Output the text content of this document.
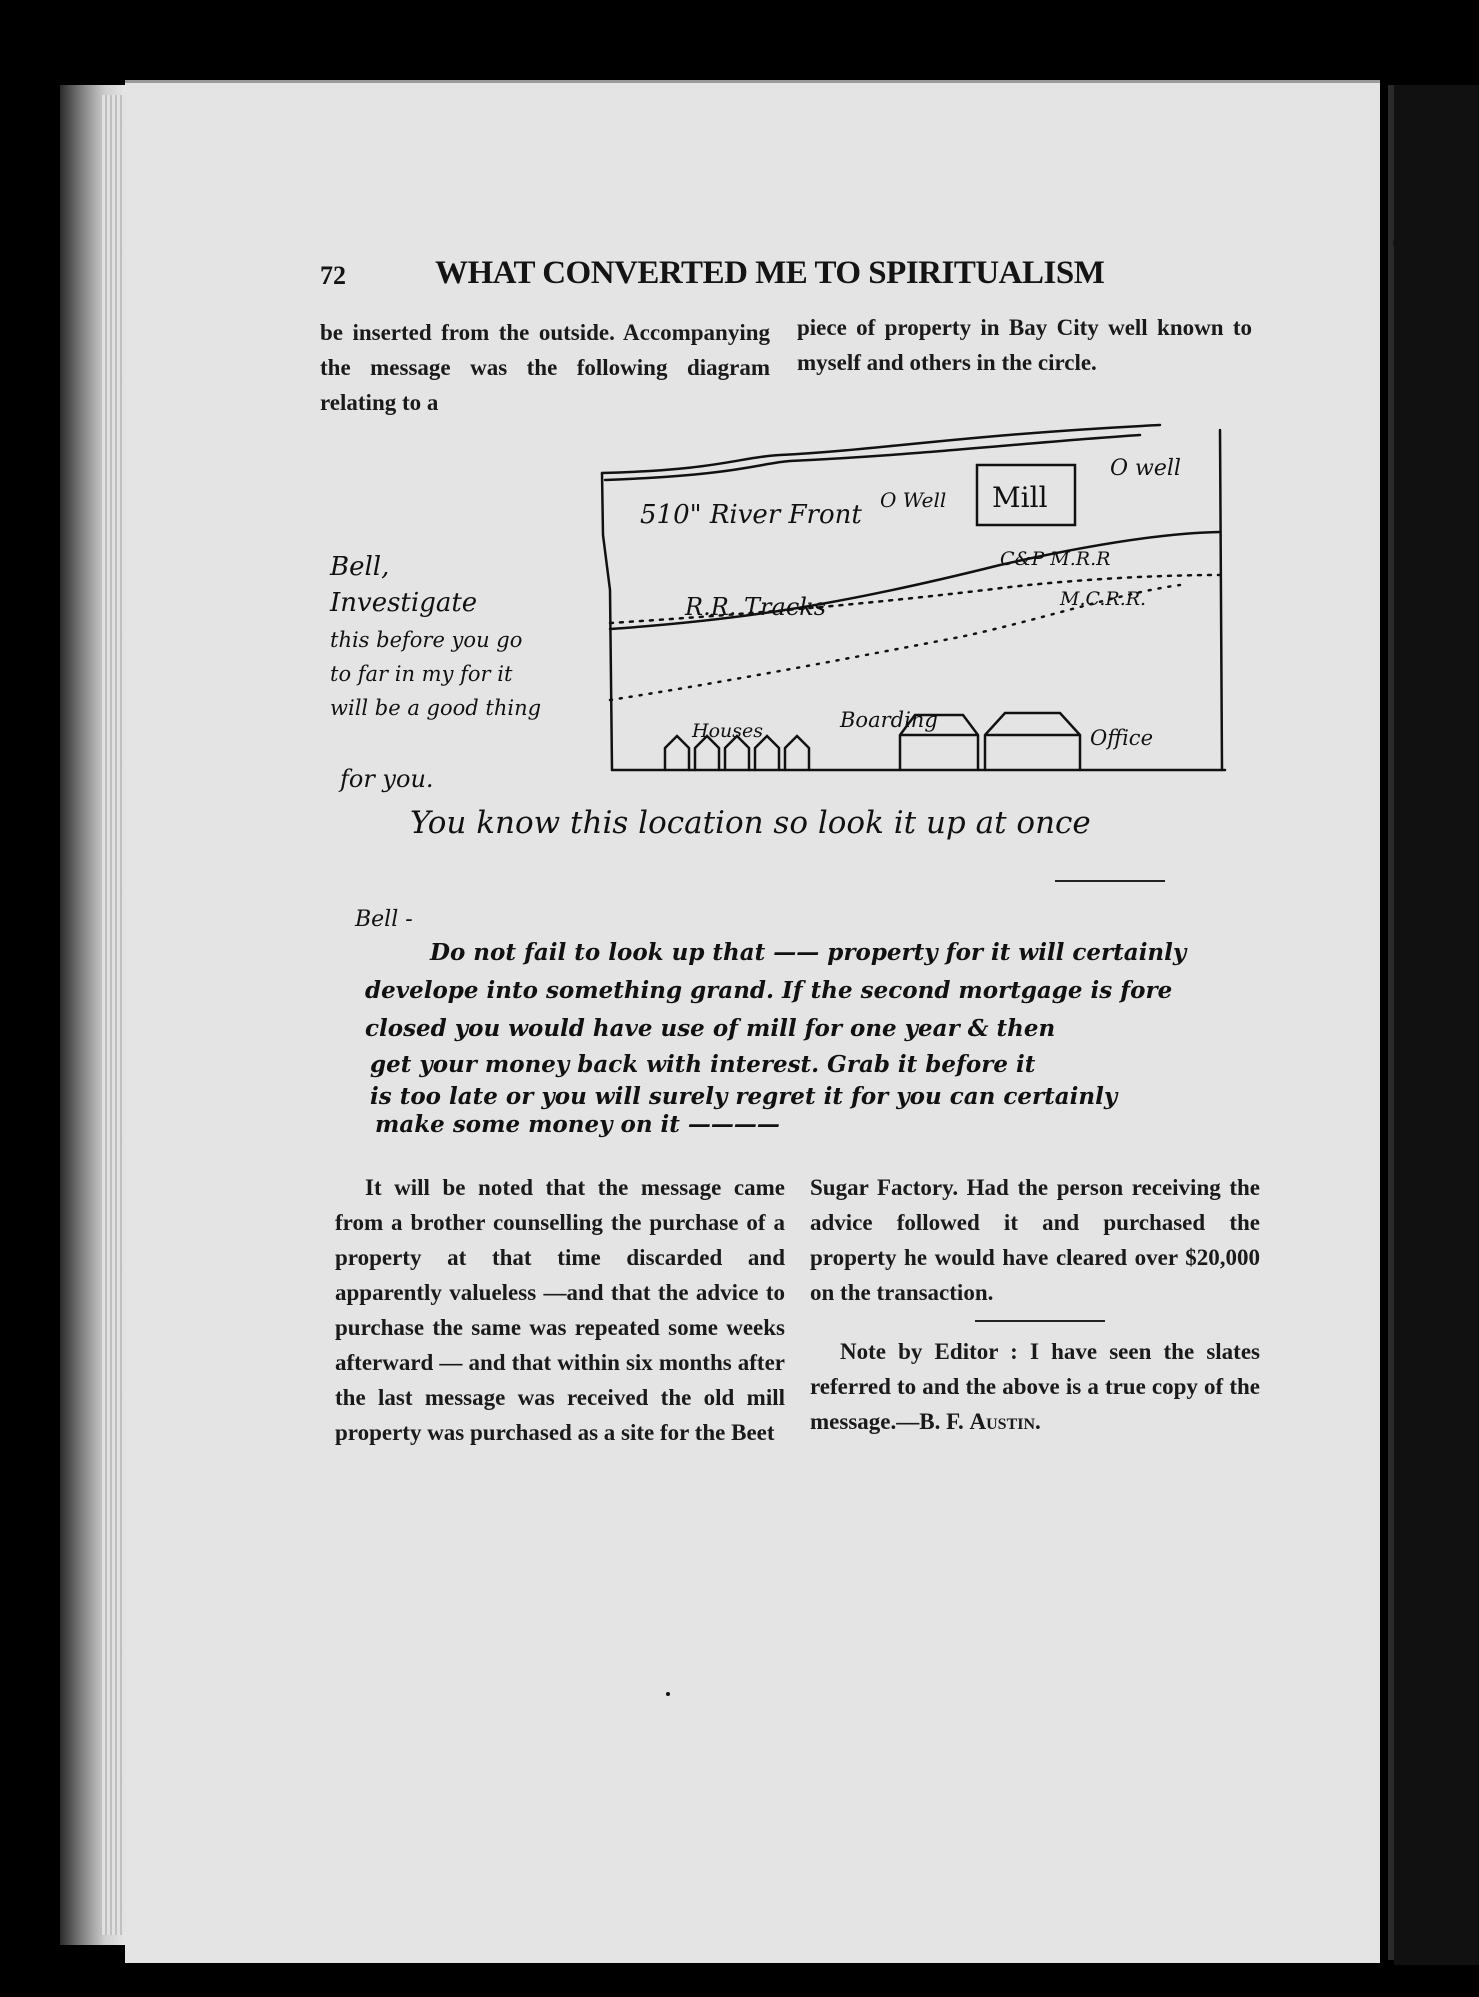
72	WHAT CONVERTED ME TO SPIRITUALISM

be inserted from the outside. Accompanying the message was the following diagram relating to a

piece of property in Bay City well known to myself and others in the circle.

510" River Front O Well Mill
O well
C&P M.R.R
R.R. Tracks	M.C.R.R.
Houses	Boarding
Office
Bell,
Investigate
this before you go
to far in my for it
will be a good thing
for you.
You know this location so look it up at once
Bell -
Do not fail to look up that —— property for it will certainly
develope into something grand. If the second mortgage is fore
closed you would have use of mill for one year & then
get your money back with interest. Grab it before it
is too late or you will surely regret it for you can certainly
make some money on it ————

It will be noted that the message came from a brother counselling the purchase of a property at that time discarded and apparently valueless —and that the advice to purchase the same was repeated some weeks afterward — and that within six months after the last message was received the old mill property was purchased as a site for the Beet

Sugar Factory. Had the person receiving the advice followed it and purchased the property he would have cleared over $20,000 on the transaction.

Note by Editor : I have seen the slates referred to and the above is a true copy of the message.—B. F. Austin.
